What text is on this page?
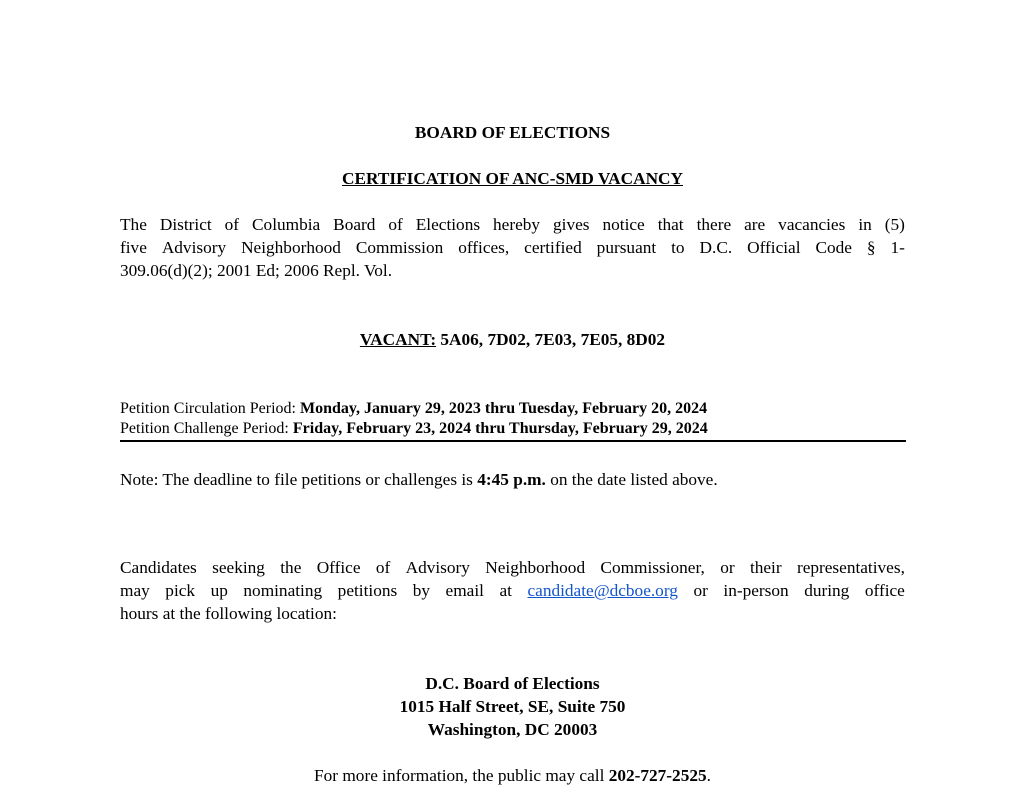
BOARD OF ELECTIONS
CERTIFICATION OF ANC-SMD VACANCY
The District of Columbia Board of Elections hereby gives notice that there are vacancies in (5)
five Advisory Neighborhood Commission offices, certified pursuant to D.C. Official Code § 1-
309.06(d)(2); 2001 Ed; 2006 Repl. Vol.
VACANT: 5A06, 7D02, 7E03, 7E05, 8D02
Petition Circulation Period: Monday, January 29, 2023 thru Tuesday, February 20, 2024
Petition Challenge Period: Friday, February 23, 2024 thru Thursday, February 29, 2024
Note: The deadline to file petitions or challenges is 4:45 p.m. on the date listed above.
Candidates seeking the Office of Advisory Neighborhood Commissioner, or their representatives,
may pick up nominating petitions by email at candidate@dcboe.org or in-person during office
hours at the following location:
D.C. Board of Elections
1015 Half Street, SE, Suite 750
Washington, DC 20003
For more information, the public may call 202-727-2525.
